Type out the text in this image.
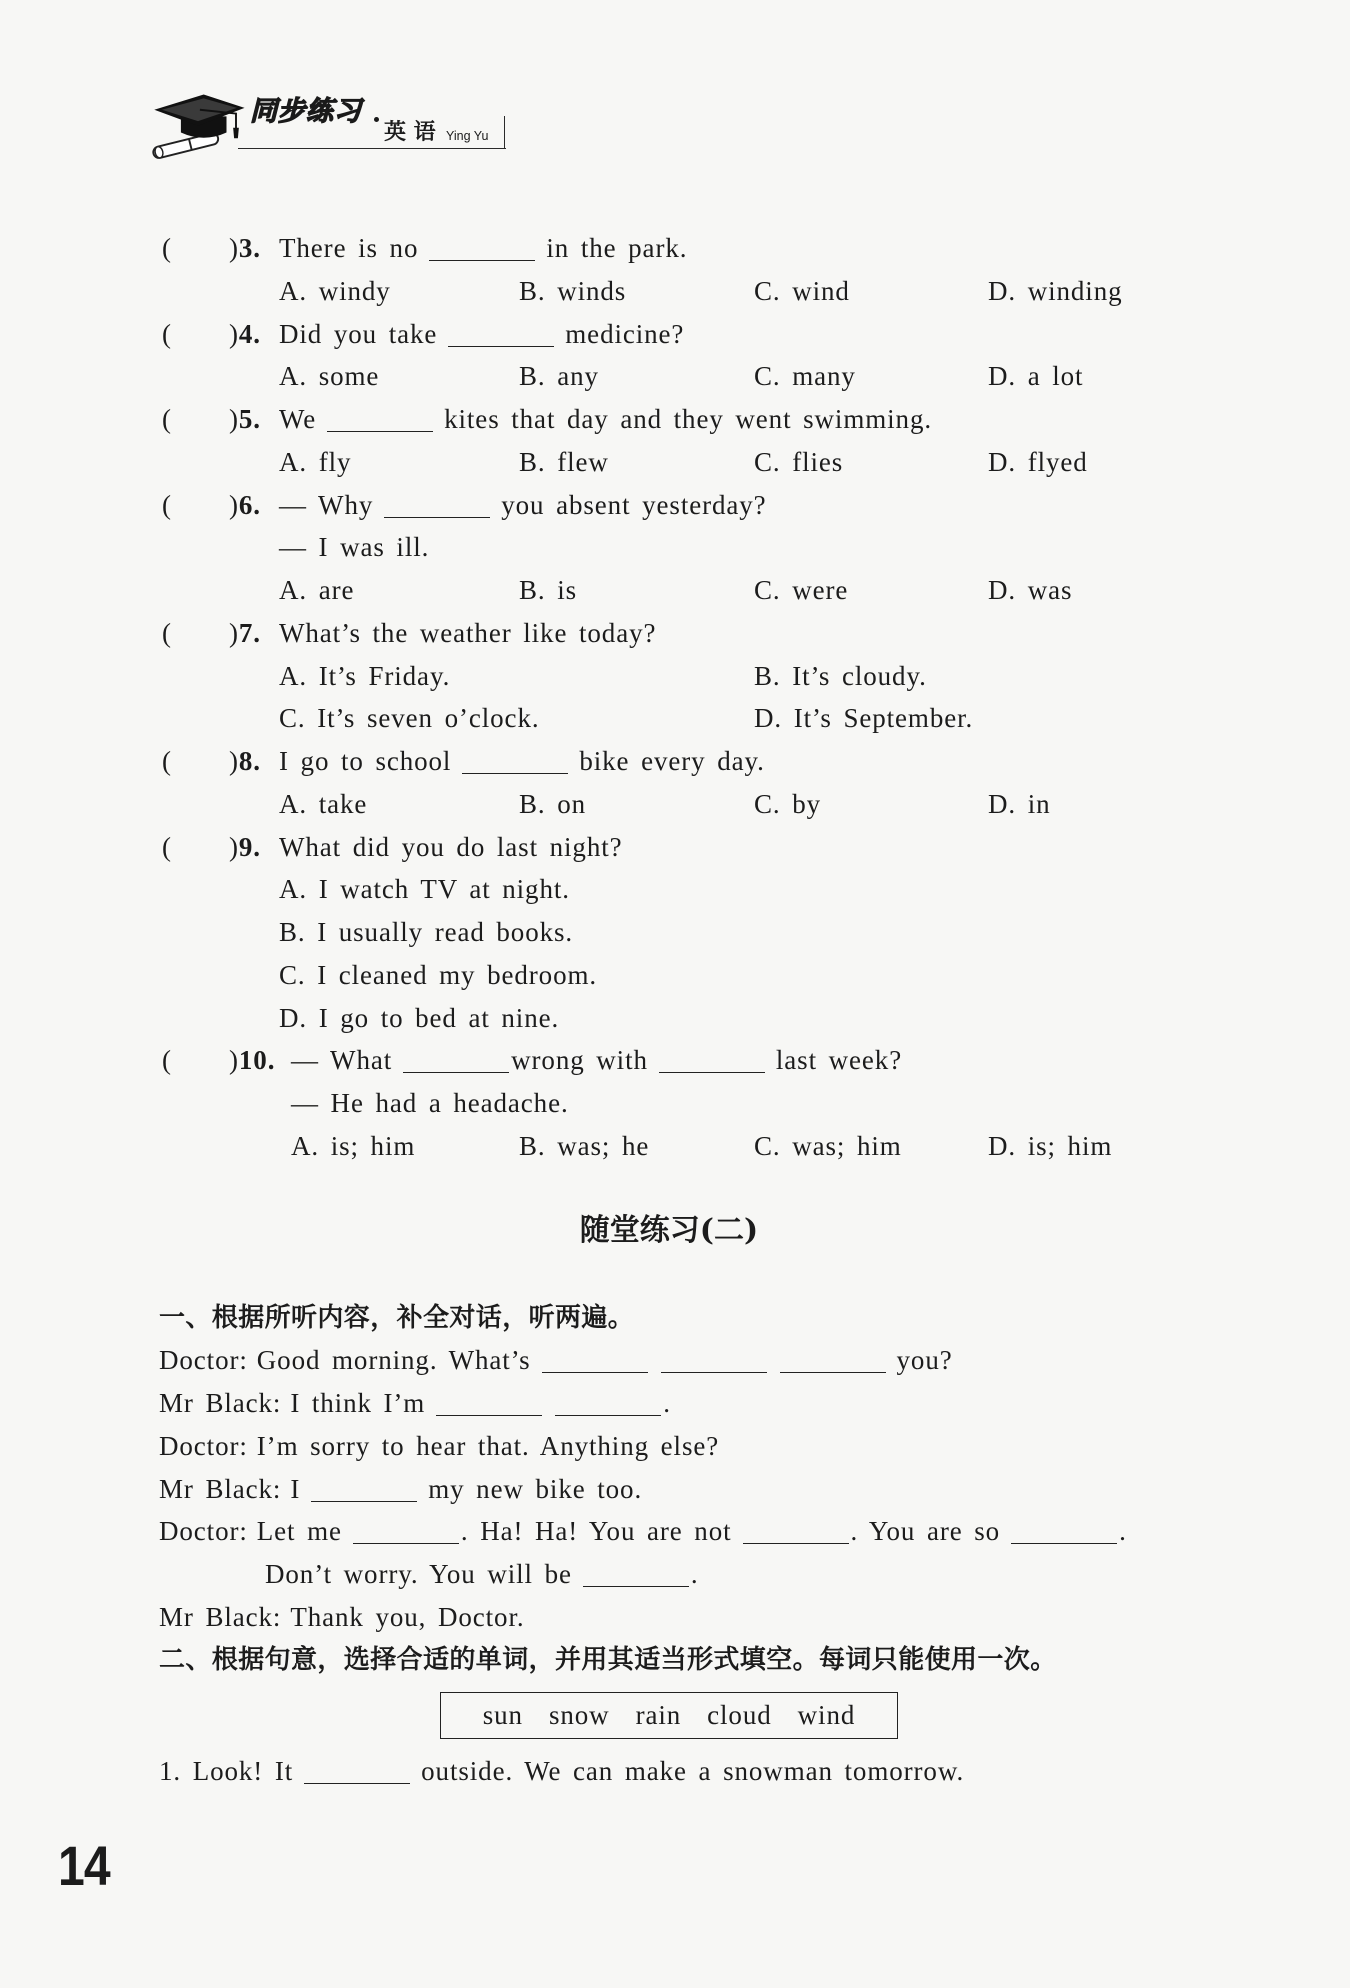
同步练习
英 语 Ying Yu
( )3. There is no	in the park.
A. windy	B. winds	C. wind	D. winding
( )4. Did you take	medicine?
A. some	B. any	C. many	D. a lot
( )5. We	kites that day and they went swimming.
A. fly	B. flew	C. flies	D. flyed
( )6. — Why	you absent yesterday?
— I was ill.
A. are	B. is	C. were	D. was
( )7. What’s the weather like today?
A. It’s Friday.	B. It’s cloudy.
C. It’s seven o’clock.	D. It’s September.
( )8. I go to school	bike every day.
A. take	B. on	C. by	D. in
( )9. What did you do last night?
A. I watch TV at night.
B. I usually read books.
C. I cleaned my bedroom.
D. I go to bed at nine.
( )10. — What	wrong with	last week?
— He had a headache.
A. is; him	B. was; he	C. was; him	D. is; him
随堂练习(二)
一、根据所听内容，补全对话，听两遍。
Doctor: Good morning. What’s	you?
Mr Black: I think I’m	.
Doctor: I’m sorry to hear that. Anything else?
Mr Black: I	my new bike too.
Doctor: Let me	. Ha! Ha! You are not	. You are so	.
Don’t worry. You will be	.
Mr Black: Thank you, Doctor.
二、根据句意，选择合适的单词，并用其适当形式填空。每词只能使用一次。
sun snow rain cloud wind
1. Look! It	outside. We can make a snowman tomorrow.
14
